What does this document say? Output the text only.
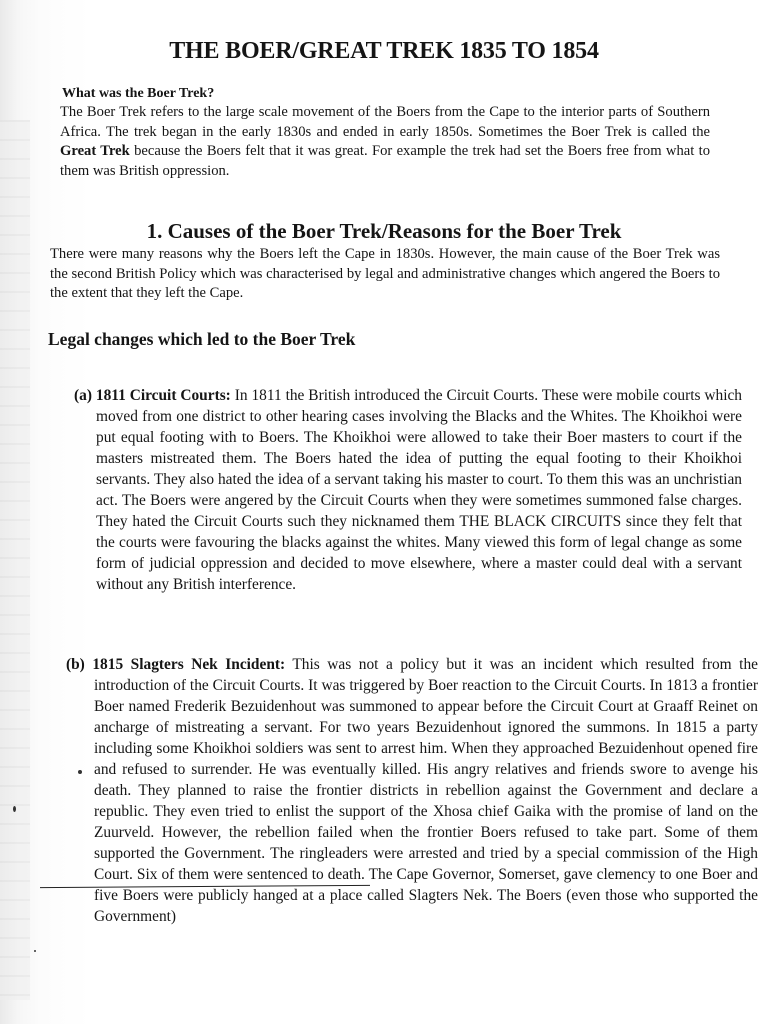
THE BOER/GREAT TREK 1835 TO 1854
What was the Boer Trek?

The Boer Trek refers to the large scale movement of the Boers from the Cape to the interior parts of Southern Africa. The trek began in the early 1830s and ended in early 1850s. Sometimes the Boer Trek is called the Great Trek because the Boers felt that it was great. For example the trek had set the Boers free from what to them was British oppression.

1. Causes of the Boer Trek/Reasons for the Boer Trek

There were many reasons why the Boers left the Cape in 1830s. However, the main cause of the Boer Trek was the second British Policy which was characterised by legal and administrative changes which angered the Boers to the extent that they left the Cape.

Legal changes which led to the Boer Trek

(a) 1811 Circuit Courts: In 1811 the British introduced the Circuit Courts. These were mobile courts which moved from one district to other hearing cases involving the Blacks and the Whites. The Khoikhoi were put equal footing with to Boers. The Khoikhoi were allowed to take their Boer masters to court if the masters mistreated them. The Boers hated the idea of putting the equal footing to their Khoikhoi servants. They also hated the idea of a servant taking his master to court. To them this was an unchristian act. The Boers were angered by the Circuit Courts when they were sometimes summoned false charges. They hated the Circuit Courts such they nicknamed them THE BLACK CIRCUITS since they felt that the courts were favouring the blacks against the whites. Many viewed this form of legal change as some form of judicial oppression and decided to move elsewhere, where a master could deal with a servant without any British interference.

(b) 1815 Slagters Nek Incident: This was not a policy but it was an incident which resulted from the introduction of the Circuit Courts. It was triggered by Boer reaction to the Circuit Courts. In 1813 a frontier Boer named Frederik Bezuidenhout was summoned to appear before the Circuit Court at Graaff Reinet on ancharge of mistreating a servant. For two years Bezuidenhout ignored the summons. In 1815 a party including some Khoikhoi soldiers was sent to arrest him. When they approached Bezuidenhout opened fire and refused to surrender. He was eventually killed. His angry relatives and friends swore to avenge his death. They planned to raise the frontier districts in rebellion against the Government and declare a republic. They even tried to enlist the support of the Xhosa chief Gaika with the promise of land on the Zuurveld. However, the rebellion failed when the frontier Boers refused to take part. Some of them supported the Government. The ringleaders were arrested and tried by a special commission of the High Court. Six of them were sentenced to death. The Cape Governor, Somerset, gave clemency to one Boer and five Boers were publicly hanged at a place called Slagters Nek. The Boers (even those who supported the Government)
